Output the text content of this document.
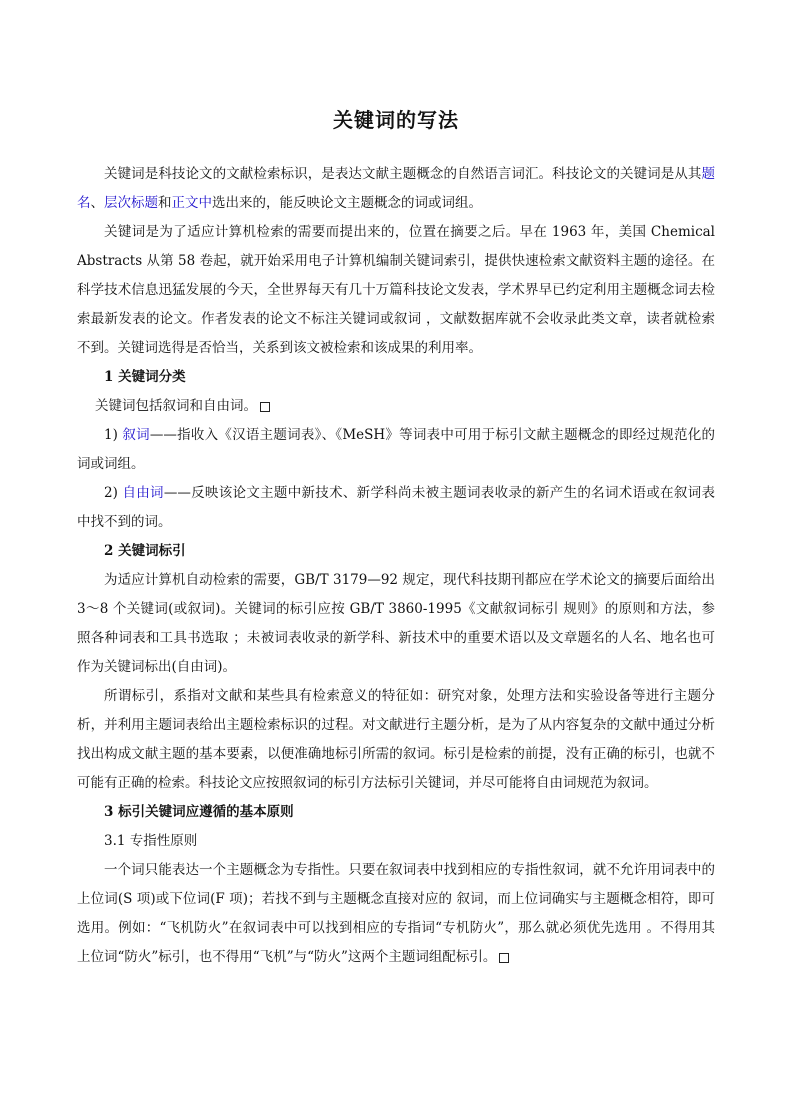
关键词的写法

关键词是科技论文的文献检索标识，是表达文献主题概念的自然语言词汇。科技论文的关键词是从其题名、层次标题和正文中选出来的，能反映论文主题概念的词或词组。

关键词是为了适应计算机检索的需要而提出来的，位置在摘要之后。早在 1963 年，美国 Chemical Abstracts 从第 58 卷起，就开始采用电子计算机编制关键词索引，提供快速检索文献资料主题的途径。在科学技术信息迅猛发展的今天，全世界每天有几十万篇科技论文发表，学术界早已约定利用主题概念词去检索最新发表的论文。作者发表的论文不标注关键词或叙词 ，文献数据库就不会收录此类文章，读者就检索不到。关键词选得是否恰当，关系到该文被检索和该成果的利用率。

1 关键词分类

关键词包括叙词和自由词。

1) 叙词——指收入《汉语主题词表》、《MeSH》等词表中可用于标引文献主题概念的即经过规范化的词或词组。

2) 自由词——反映该论文主题中新技术、新学科尚未被主题词表收录的新产生的名词术语或在叙词表中找不到的词。

2 关键词标引

为适应计算机自动检索的需要，GB/T 3179—92 规定，现代科技期刊都应在学术论文的摘要后面给出 3～8 个关键词(或叙词)。关键词的标引应按 GB/T 3860-1995《文献叙词标引 规则》的原则和方法，参照各种词表和工具书选取 ；未被词表收录的新学科、新技术中的重要术语以及文章题名的人名、地名也可作为关键词标出(自由词)。

所谓标引，系指对文献和某些具有检索意义的特征如：研究对象，处理方法和实验设备等进行主题分析，并利用主题词表给出主题检索标识的过程。对文献进行主题分析，是为了从内容复杂的文献中通过分析找出构成文献主题的基本要素，以便准确地标引所需的叙词。标引是检索的前提，没有正确的标引，也就不可能有正确的检索。科技论文应按照叙词的标引方法标引关键词，并尽可能将自由词规范为叙词。

3 标引关键词应遵循的基本原则

3.1 专指性原则

一个词只能表达一个主题概念为专指性。只要在叙词表中找到相应的专指性叙词，就不允许用词表中的上位词(S 项)或下位词(F 项)；若找不到与主题概念直接对应的 叙词，而上位词确实与主题概念相符，即可选用。例如：“飞机防火”在叙词表中可以找到相应的专指词“专机防火”，那么就必须优先选用 。不得用其上位词“防火”标引，也不得用“飞机”与“防火”这两个主题词组配标引。
